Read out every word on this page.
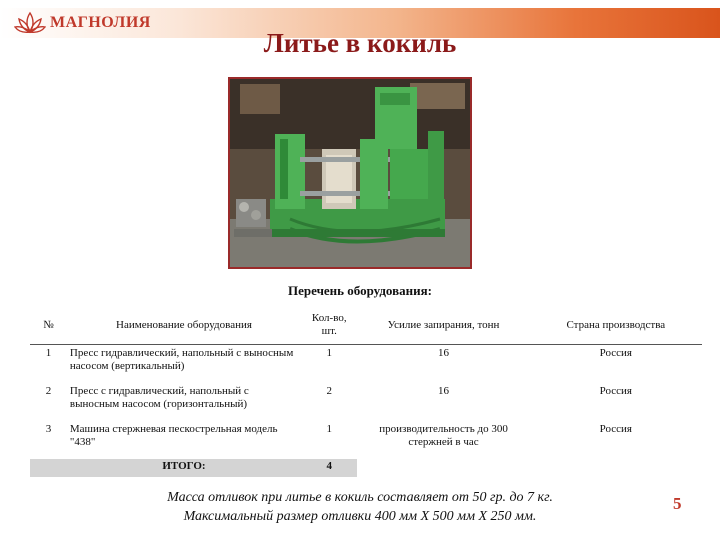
МАГНОЛИЯ
Литье в кокиль
Перечень оборудования:
№	Наименование оборудования	Кол-во, шт.	Усилие запирания, тонн	Страна производства
1	Пресс гидравлический, напольный с выносным насосом (вертикальный)	1	16	Россия
2	Пресс с гидравлический, напольный с выносным насосом (горизонтальный)	2	16	Россия
3	Машина стержневая пескострельная модель "438"	1	производительность до 300 стержней в час	Россия
	ИТОГО:	4		
Масса отливок при литье в кокиль составляет от 50 гр. до 7 кг.
Максимальный размер отливки 400 мм X 500 мм X 250 мм.
5
